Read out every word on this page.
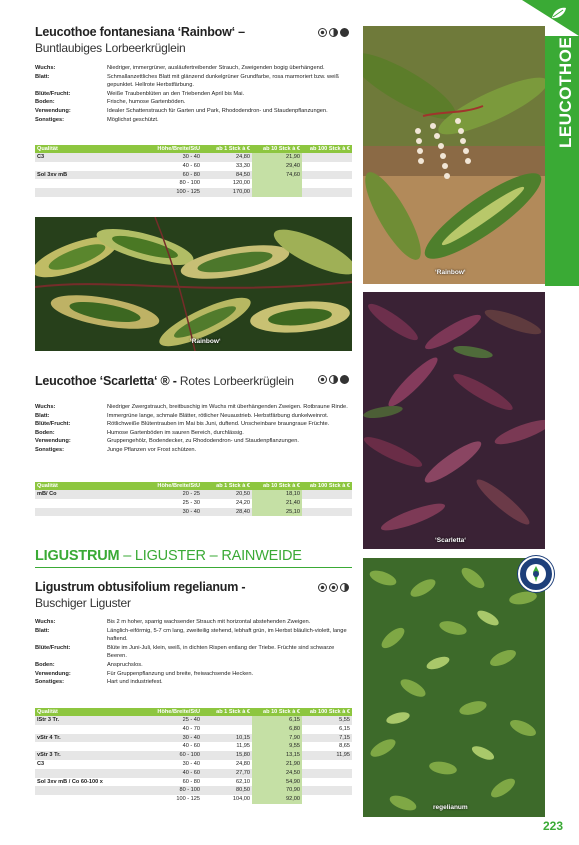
LEUCOTHOE
Leucothoe fontanesiana ‘Rainbow‘ –
Buntlaubiges Lorbeerkrüglein
Wuchs:	Niedriger, immergrüner, ausläufertreibender Strauch, Zweigenden bogig überhängend.
Blatt:	Schmallanzettliches Blatt mit glänzend dunkelgrüner Grundfarbe, rosa marmoriert bzw. weiß gepunktet. Hellrote Herbstfärbung.
Blüte/Frucht:	Weiße Traubenblüten an den Triebenden April bis Mai.
Boden:	Frische, humose Gartenböden.
Verwendung:	Idealer Schattenstrauch für Garten und Park, Rhododendron- und Staudenpflanzungen.
Sonstiges:	Möglichst geschützt.
Qualität	Höhe/Breite/StU	ab 1 Stck à €	ab 10 Stck à €	ab 100 Stck à €
C3	30 - 40	24,80	21,90	
	40 - 60	33,30	29,40	
Sol 3xv mB	60 - 80	84,50	74,60	
	80 - 100	120,00		
	100 - 125	170,00		
‘Rainbow‘
Leucothoe ‘Scarletta‘ ® - Rotes Lorbeerkrüglein
Wuchs:	Niedriger Zwergstrauch, breitbuschig im Wuchs mit überhängenden Zweigen. Rotbraune Rinde.
Blatt:	Immergrüne lange, schmale Blätter, rötlicher Neuaustrieb. Herbstfärbung dunkelweinrot.
Blüte/Frucht:	Rötlichweiße Blütentrauben im Mai bis Juni, duftend. Unscheinbare braungraue Früchte.
Boden:	Humose Gartenböden im sauren Bereich, durchlässig.
Verwendung:	Gruppengehölz, Bodendecker, zu Rhododendron- und Staudenpflanzungen.
Sonstiges:	Junge Pflanzen vor Frost schützen.
Qualität	Höhe/Breite/StU	ab 1 Stck à €	ab 10 Stck à €	ab 100 Stck à €
mB/ Co	20 - 25	20,50	18,10	
	25 - 30	24,20	21,40	
	30 - 40	28,40	25,10	
LIGUSTRUM – LIGUSTER – RAINWEIDE
Ligustrum obtusifolium regelianum -
Buschiger Liguster
Wuchs:	Bis 2 m hoher, sparrig wachsender Strauch mit horizontal abstehenden Zweigen.
Blatt:	Länglich-eiförmig, 5-7 cm lang, zweiteilig stehend, lebhaft grün, im Herbst bläulich-violett, lange haftend.
Blüte/Frucht:	Blüte im Juni-Juli, klein, weiß, in dichten Rispen entlang der Triebe. Früchte sind schwarze Beeren.
Boden:	Anspruchslos.
Verwendung:	Für Gruppenpflanzung und breite, freiwachsende Hecken.
Sonstiges:	Hart und industriefest.
Qualität	Höhe/Breite/StU	ab 1 Stck à €	ab 10 Stck à €	ab 100 Stck à €
lStr 3 Tr.	25 - 40		6,15	5,55
	40 - 70		6,80	6,15
vStr 4 Tr.	30 - 40	10,15	7,90	7,15
	40 - 60	11,95	9,55	8,65
vStr 3 Tr.	60 - 100	15,80	13,15	11,95
C3	30 - 40	24,80	21,90	
	40 - 60	27,70	24,50	
Sol 3xv mB / Co 60-100 x	60 - 80	62,10	54,90	
	80 - 100	80,50	70,90	
	100 - 125	104,00	92,00	
‘Rainbow‘
‘Scarletta‘
regelianum
223
